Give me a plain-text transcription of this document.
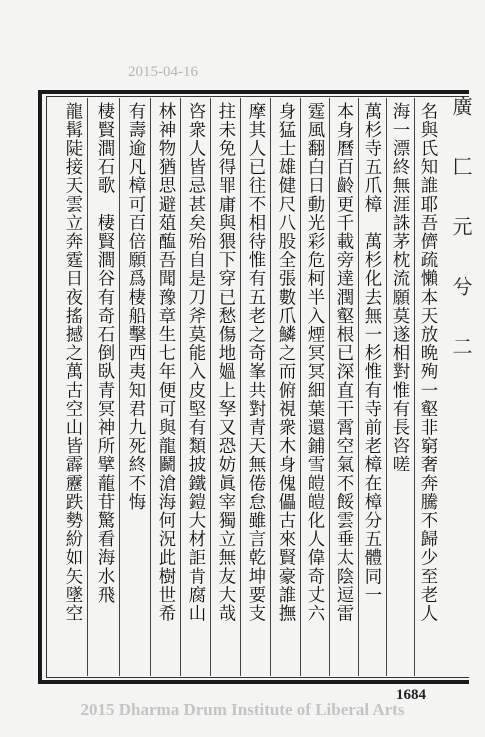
2015-04-16
廣 匚 元 兮 二
名與氏知誰耶吾儕疏懶本天放晩殉一壑非窮奢奔騰不歸少至老人
海一漂終無涯誅茅枕流願莫遂相對惟有長咨嗟
萬杉寺五爪樟　萬杉化去無一杉惟有寺前老樟在樟分五體同一
本身曆百齡更千載旁達潤壑根已深直干霄空氣不餒雲垂太陰逗雷
霆風翻白日動光彩危柯半入煙冥冥細葉還鋪雪皚皚化人偉奇丈六
身猛士雄健尺八股全張數爪鱗之而俯視衆木身傀儡古來賢豪誰撫
摩其人已往不相待惟有五老之奇峯共對青天無倦怠雖言乾坤要支
拄未免得罪庸與猥下穿已愁傷地媼上孥又恐妨眞宰獨立無友大哉
咨衆人皆忌甚矣殆自是刀斧莫能入皮堅有類披鐵鎧大材詎肯腐山
林神物猶思避葅醢吾聞豫章生七年便可與龍鬬滄海何況此樹世希
有壽逾凡樟可百倍願爲棲船擊西夷知君九死終不悔
棲賢澗石歌　棲賢澗谷有奇石倒臥青冥神所擘蘢苷驚看海水飛
龍髯陡接天雲立奔霆日夜搖撼之萬古空山皆霹靂跌勢紛如矢墜空
1684
2015 Dharma Drum Institute of Liberal Arts
